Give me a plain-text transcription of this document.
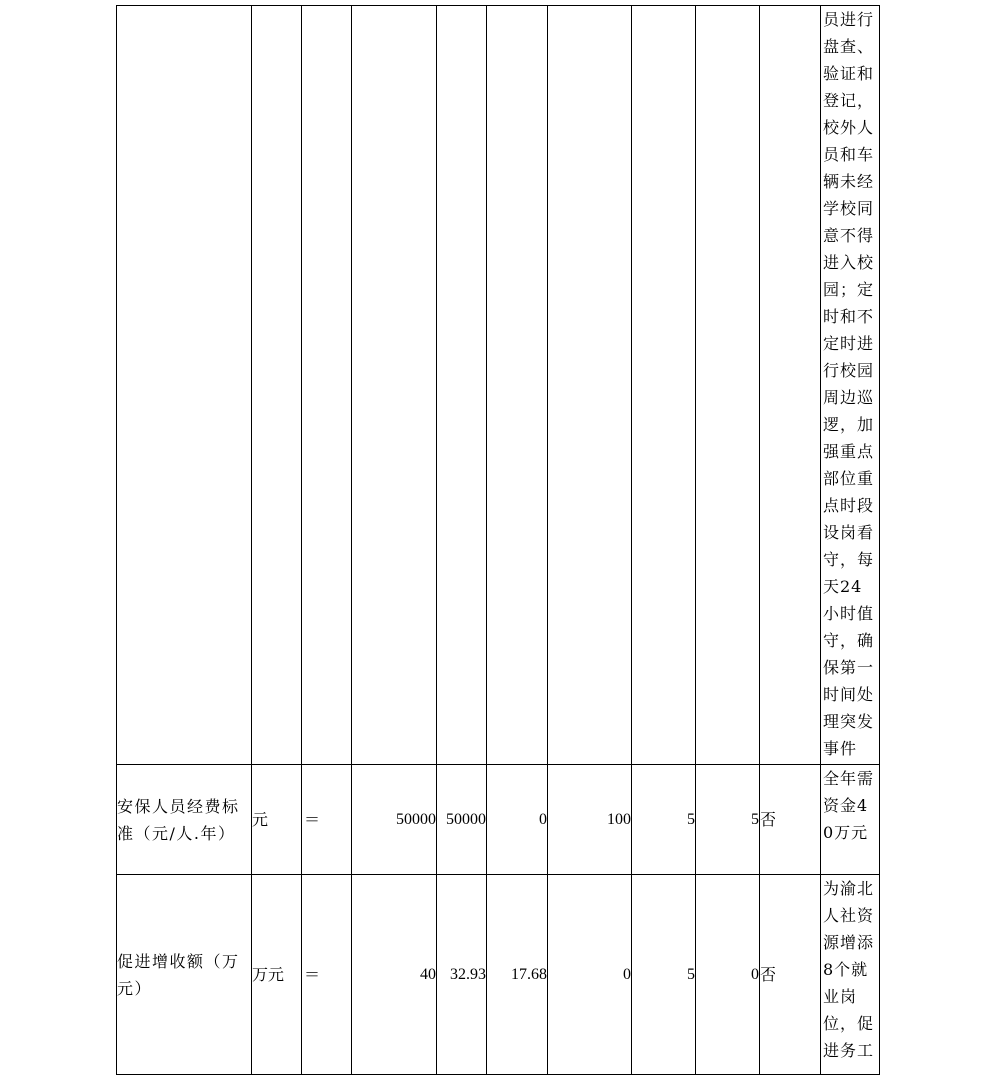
										员进行盘查、验证和登记，校外人员和车辆未经学校同意不得进入校园；定时和不定时进行校园周边巡逻，加强重点部位重点时段设岗看守，每天24小时值守，确保第一时间处理突发事件
安保人员经费标准（元/人.年）	元	＝	50000	50000	0	100	5	5	否	全年需资金40万元
促进增收额（万元）	万元	＝	40	32.93	17.68	0	5	0	否	为渝北人社资源增添8个就业岗位，促进务工
